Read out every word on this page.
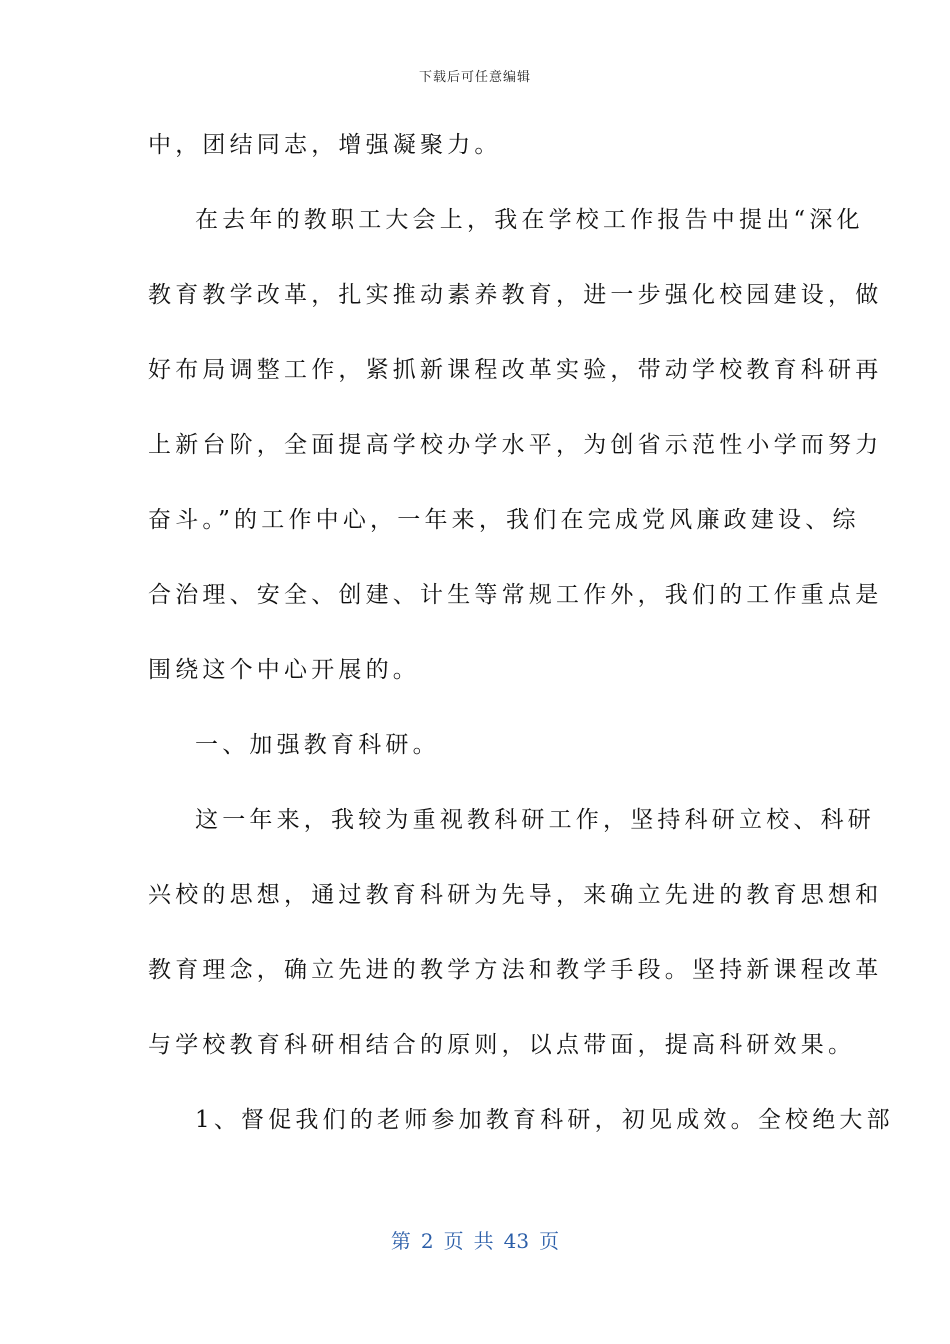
下载后可任意编辑
中，团结同志，增强凝聚力。
在去年的教职工大会上，我在学校工作报告中提出“深化
教育教学改革，扎实推动素养教育，进一步强化校园建设，做
好布局调整工作，紧抓新课程改革实验，带动学校教育科研再
上新台阶，全面提高学校办学水平，为创省示范性小学而努力
奋斗。”的工作中心，一年来，我们在完成党风廉政建设、综
合治理、安全、创建、计生等常规工作外，我们的工作重点是
围绕这个中心开展的。
一、加强教育科研。
这一年来，我较为重视教科研工作，坚持科研立校、科研
兴校的思想，通过教育科研为先导，来确立先进的教育思想和
教育理念，确立先进的教学方法和教学手段。坚持新课程改革
与学校教育科研相结合的原则，以点带面，提高科研效果。
1、督促我们的老师参加教育科研，初见成效。全校绝大部
第 2 页 共 43 页
